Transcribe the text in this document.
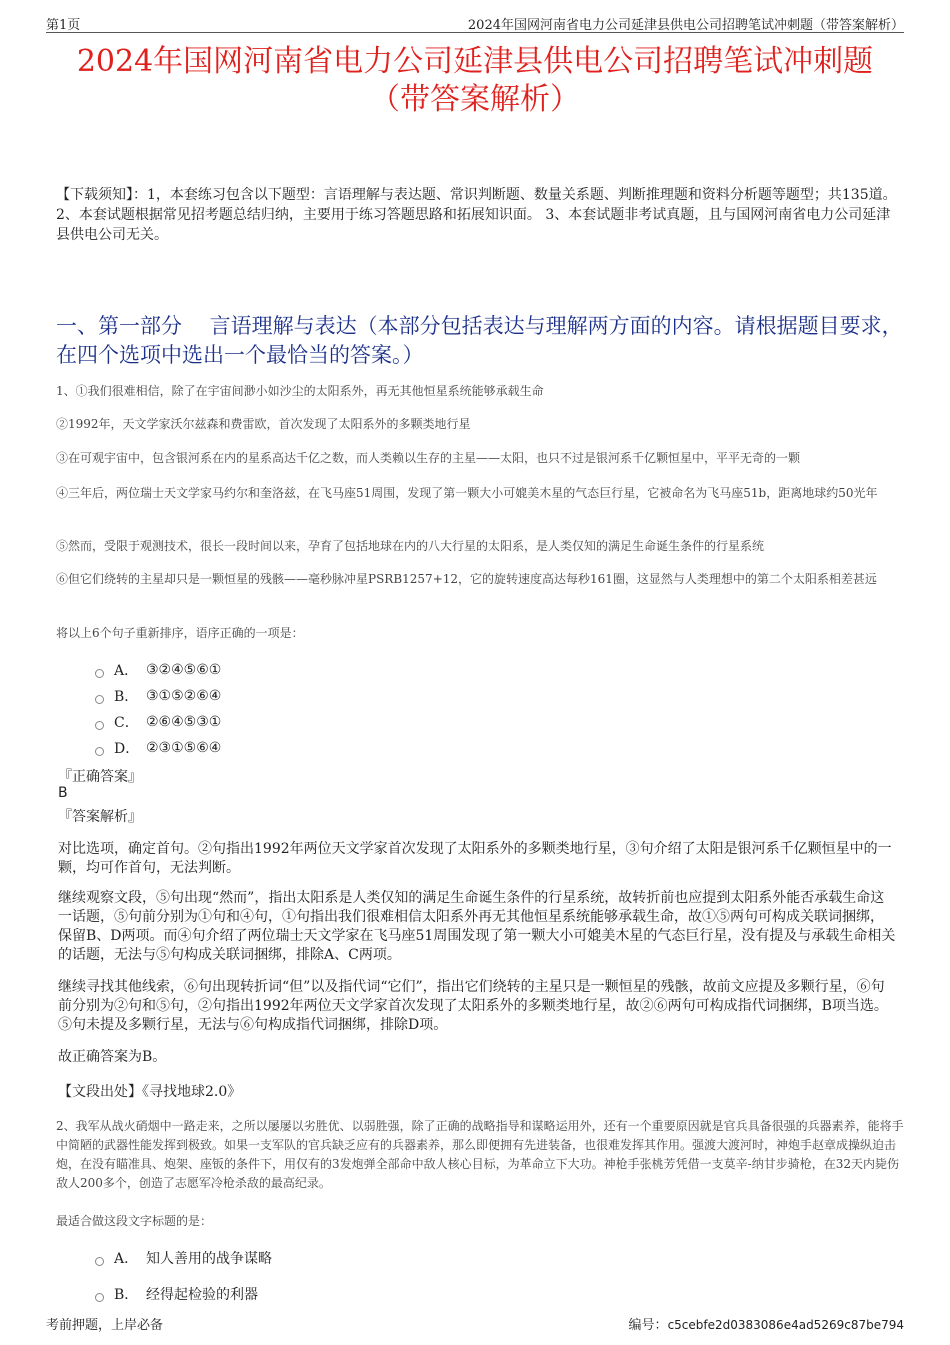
第1页	2024年国网河南省电力公司延津县供电公司招聘笔试冲刺题（带答案解析）
2024年国网河南省电力公司延津县供电公司招聘笔试冲刺题
（带答案解析）
【下载须知】：1，本套练习包含以下题型：言语理解与表达题、常识判断题、数量关系题、判断推理题和资料分析题等题型；共135道。 2、本套试题根据常见招考题总结归纳，主要用于练习答题思路和拓展知识面。 3、本套试题非考试真题，且与国网河南省电力公司延津县供电公司无关。
一、第一部分　 言语理解与表达（本部分包括表达与理解两方面的内容。请根据题目要求，在四个选项中选出一个最恰当的答案。）
1、①我们很难相信，除了在宇宙间渺小如沙尘的太阳系外，再无其他恒星系统能够承载生命
②1992年，天文学家沃尔兹森和费雷欧，首次发现了太阳系外的多颗类地行星
③在可观宇宙中，包含银河系在内的星系高达千亿之数，而人类赖以生存的主星——太阳，也只不过是银河系千亿颗恒星中，平平无奇的一颗
④三年后，两位瑞士天文学家马约尔和奎洛兹，在飞马座51周围，发现了第一颗大小可媲美木星的气态巨行星，它被命名为飞马座51b，距离地球约50光年
⑤然而，受限于观测技术，很长一段时间以来，孕育了包括地球在内的八大行星的太阳系，是人类仅知的满足生命诞生条件的行星系统
⑥但它们绕转的主星却只是一颗恒星的残骸——毫秒脉冲星PSRB1257+12，它的旋转速度高达每秒161圈，这显然与人类理想中的第二个太阳系相差甚远
将以上6个句子重新排序，语序正确的一项是：
A． ③②④⑤⑥①
B． ③①⑤②⑥④
C． ②⑥④⑤③①
D． ②③①⑤⑥④
『正确答案』
B
『答案解析』
对比选项，确定首句。②句指出1992年两位天文学家首次发现了太阳系外的多颗类地行星，③句介绍了太阳是银河系千亿颗恒星中的一颗，均可作首句，无法判断。
继续观察文段，⑤句出现“然而”，指出太阳系是人类仅知的满足生命诞生条件的行星系统，故转折前也应提到太阳系外能否承载生命这一话题，⑤句前分别为①句和④句，①句指出我们很难相信太阳系外再无其他恒星系统能够承载生命，故①⑤两句可构成关联词捆绑，保留B、D两项。而④句介绍了两位瑞士天文学家在飞马座51周围发现了第一颗大小可媲美木星的气态巨行星，没有提及与承载生命相关的话题，无法与⑤句构成关联词捆绑，排除A、C两项。
继续寻找其他线索，⑥句出现转折词“但”以及指代词“它们”，指出它们绕转的主星只是一颗恒星的残骸，故前文应提及多颗行星，⑥句前分别为②句和⑤句，②句指出1992年两位天文学家首次发现了太阳系外的多颗类地行星，故②⑥两句可构成指代词捆绑，B项当选。⑤句未提及多颗行星，无法与⑥句构成指代词捆绑，排除D项。
故正确答案为B。
【文段出处】《寻找地球2.0》
2、我军从战火硝烟中一路走来，之所以屡屡以劣胜优、以弱胜强，除了正确的战略指导和谋略运用外，还有一个重要原因就是官兵具备很强的兵器素养，能将手中简陋的武器性能发挥到极致。如果一支军队的官兵缺乏应有的兵器素养，那么即便拥有先进装备，也很难发挥其作用。强渡大渡河时，神炮手赵章成操纵迫击炮，在没有瞄准具、炮架、座钣的条件下，用仅有的3发炮弹全部命中敌人核心目标，为革命立下大功。神枪手张桃芳凭借一支莫辛-纳甘步骑枪，在32天内毙伤敌人200多个，创造了志愿军冷枪杀敌的最高纪录。
最适合做这段文字标题的是：
A． 知人善用的战争谋略
B． 经得起检验的利器
考前押题，上岸必备	编号：c5cebfe2d0383086e4ad5269c87be794
